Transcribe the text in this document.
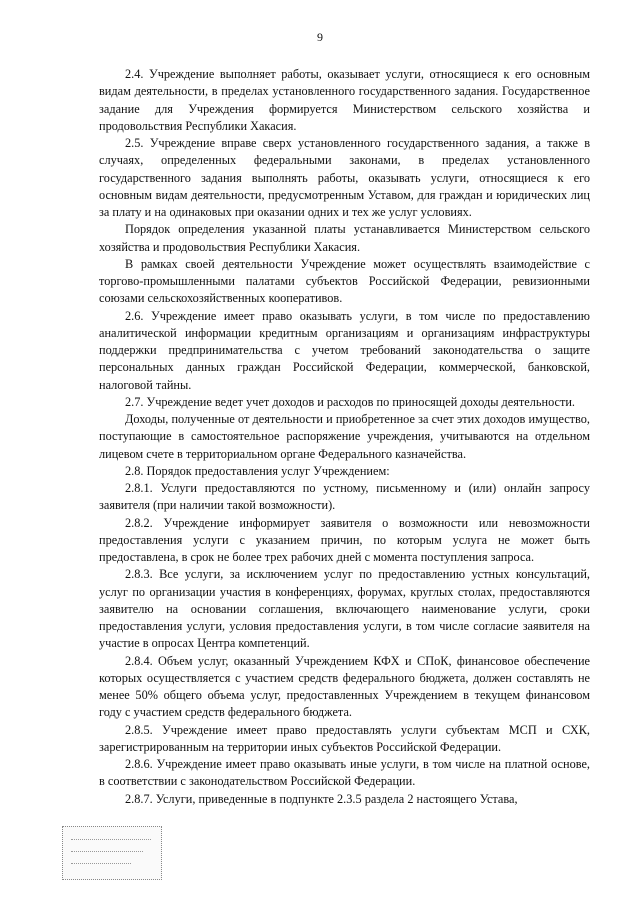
9

2.4. Учреждение выполняет работы, оказывает услуги, относящиеся к его основным видам деятельности, в пределах установленного государственного задания. Государственное задание для Учреждения формируется Министерством сельского хозяйства и продовольствия Республики Хакасия.

2.5. Учреждение вправе сверх установленного государственного задания, а также в случаях, определенных федеральными законами, в пределах установленного государственного задания выполнять работы, оказывать услуги, относящиеся к его основным видам деятельности, предусмотренным Уставом, для граждан и юридических лиц за плату и на одинаковых при оказании одних и тех же услуг условиях.

Порядок определения указанной платы устанавливается Министерством сельского хозяйства и продовольствия Республики Хакасия.

В рамках своей деятельности Учреждение может осуществлять взаимодействие с торгово-промышленными палатами субъектов Российской Федерации, ревизионными союзами сельскохозяйственных кооперативов.

2.6. Учреждение имеет право оказывать услуги, в том числе по предоставлению аналитической информации кредитным организациям и организациям инфраструктуры поддержки предпринимательства с учетом требований законодательства о защите персональных данных граждан Российской Федерации, коммерческой, банковской, налоговой тайны.

2.7. Учреждение ведет учет доходов и расходов по приносящей доходы деятельности.

Доходы, полученные от деятельности и приобретенное за счет этих доходов имущество, поступающие в самостоятельное распоряжение учреждения, учитываются на отдельном лицевом счете в территориальном органе Федерального казначейства.

2.8. Порядок предоставления услуг Учреждением:

2.8.1. Услуги предоставляются по устному, письменному и (или) онлайн запросу заявителя (при наличии такой возможности).

2.8.2. Учреждение информирует заявителя о возможности или невозможности предоставления услуги с указанием причин, по которым услуга не может быть предоставлена, в срок не более трех рабочих дней с момента поступления запроса.

2.8.3. Все услуги, за исключением услуг по предоставлению устных консультаций, услуг по организации участия в конференциях, форумах, круглых столах, предоставляются заявителю на основании соглашения, включающего наименование услуги, сроки предоставления услуги, условия предоставления услуги, в том числе согласие заявителя на участие в опросах Центра компетенций.

2.8.4. Объем услуг, оказанный Учреждением КФХ и СПоК, финансовое обеспечение которых осуществляется с участием средств федерального бюджета, должен составлять не менее 50% общего объема услуг, предоставленных Учреждением в текущем финансовом году с участием средств федерального бюджета.

2.8.5. Учреждение имеет право предоставлять услуги субъектам МСП и СХК, зарегистрированным на территории иных субъектов Российской Федерации.

2.8.6. Учреждение имеет право оказывать иные услуги, в том числе на платной основе, в соответствии с законодательством Российской Федерации.

2.8.7. Услуги, приведенные в подпункте 2.3.5 раздела 2 настоящего Устава,
